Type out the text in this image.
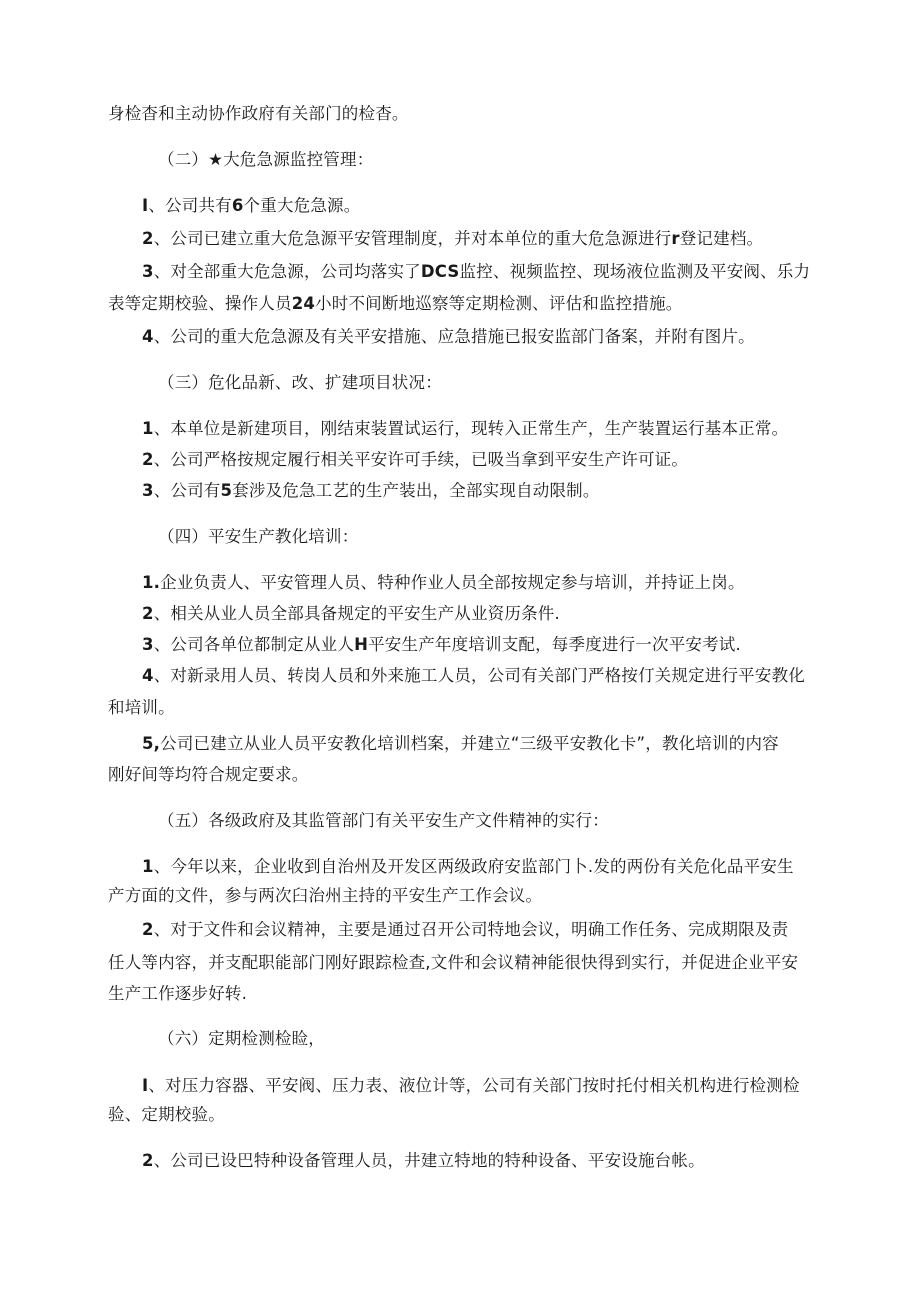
身检杳和主动协作政府有关部门的检杳。
（二）★大危急源监控管理：
I、公司共有6个重大危急源。
2、公司已建立重大危急源平安管理制度，并对本单位的重大危急源进行r登记建档。
3、对全部重大危急源，公司均落实了DCS监控、视频监控、现场液位监测及平安阀、乐力
表等定期校验、操作人员24小时不间断地巡察等定期检测、评估和监控措施。
4、公司的重大危急源及有关平安措施、应急措施已报安监部门备案，并附有图片。
（三）危化品新、改、扩建项目状况：
1、本单位是新建项目，刚结束装置试运行，现转入正常生产，生产装置运行基本正常。
2、公司严格按规定履行相关平安许可手续，已吸当拿到平安生产许可证。
3、公司有5套涉及危急工艺的生产装出，全部实现自动限制。
（四）平安生产教化培训：
1.企业负责人、平安管理人员、特种作业人员全部按规定参与培训，并持证上岗。
2、相关从业人员全部具备规定的平安生产从业资历条件.
3、公司各单位都制定从业人H平安生产年度培训支配，每季度进行一次平安考试.
4、对新录用人员、转岗人员和外来施工人员，公司有关部门严格按仃关规定进行平安教化
和培训。
5,公司已建立从业人员平安教化培训档案，并建立“三级平安教化卡”，教化培训的内容
刚好间等均符合规定要求。
（五）各级政府及其监管部门有关平安生产文件精神的实行：
1、今年以来，企业收到自治州及开发区两级政府安监部门卜.发的两份有关危化品平安生
产方面的文件，参与两次臼治州主持的平安生产工作会议。
2、对于文件和会议精神，主要是通过召开公司特地会议，明确工作任务、完成期限及责
任人等内容，并支配职能部门刚好跟踪检查,文件和会议精神能很快得到实行，并促进企业平安
生产工作逐步好转.
（六）定期检测检睑，
I、对压力容器、平安阀、压力表、液位计等，公司有关部门按时托付相关机构进行检测检
验、定期校验。
2、公司已设巴特种设备管理人员，井建立特地的特种设备、平安设施台帐。
